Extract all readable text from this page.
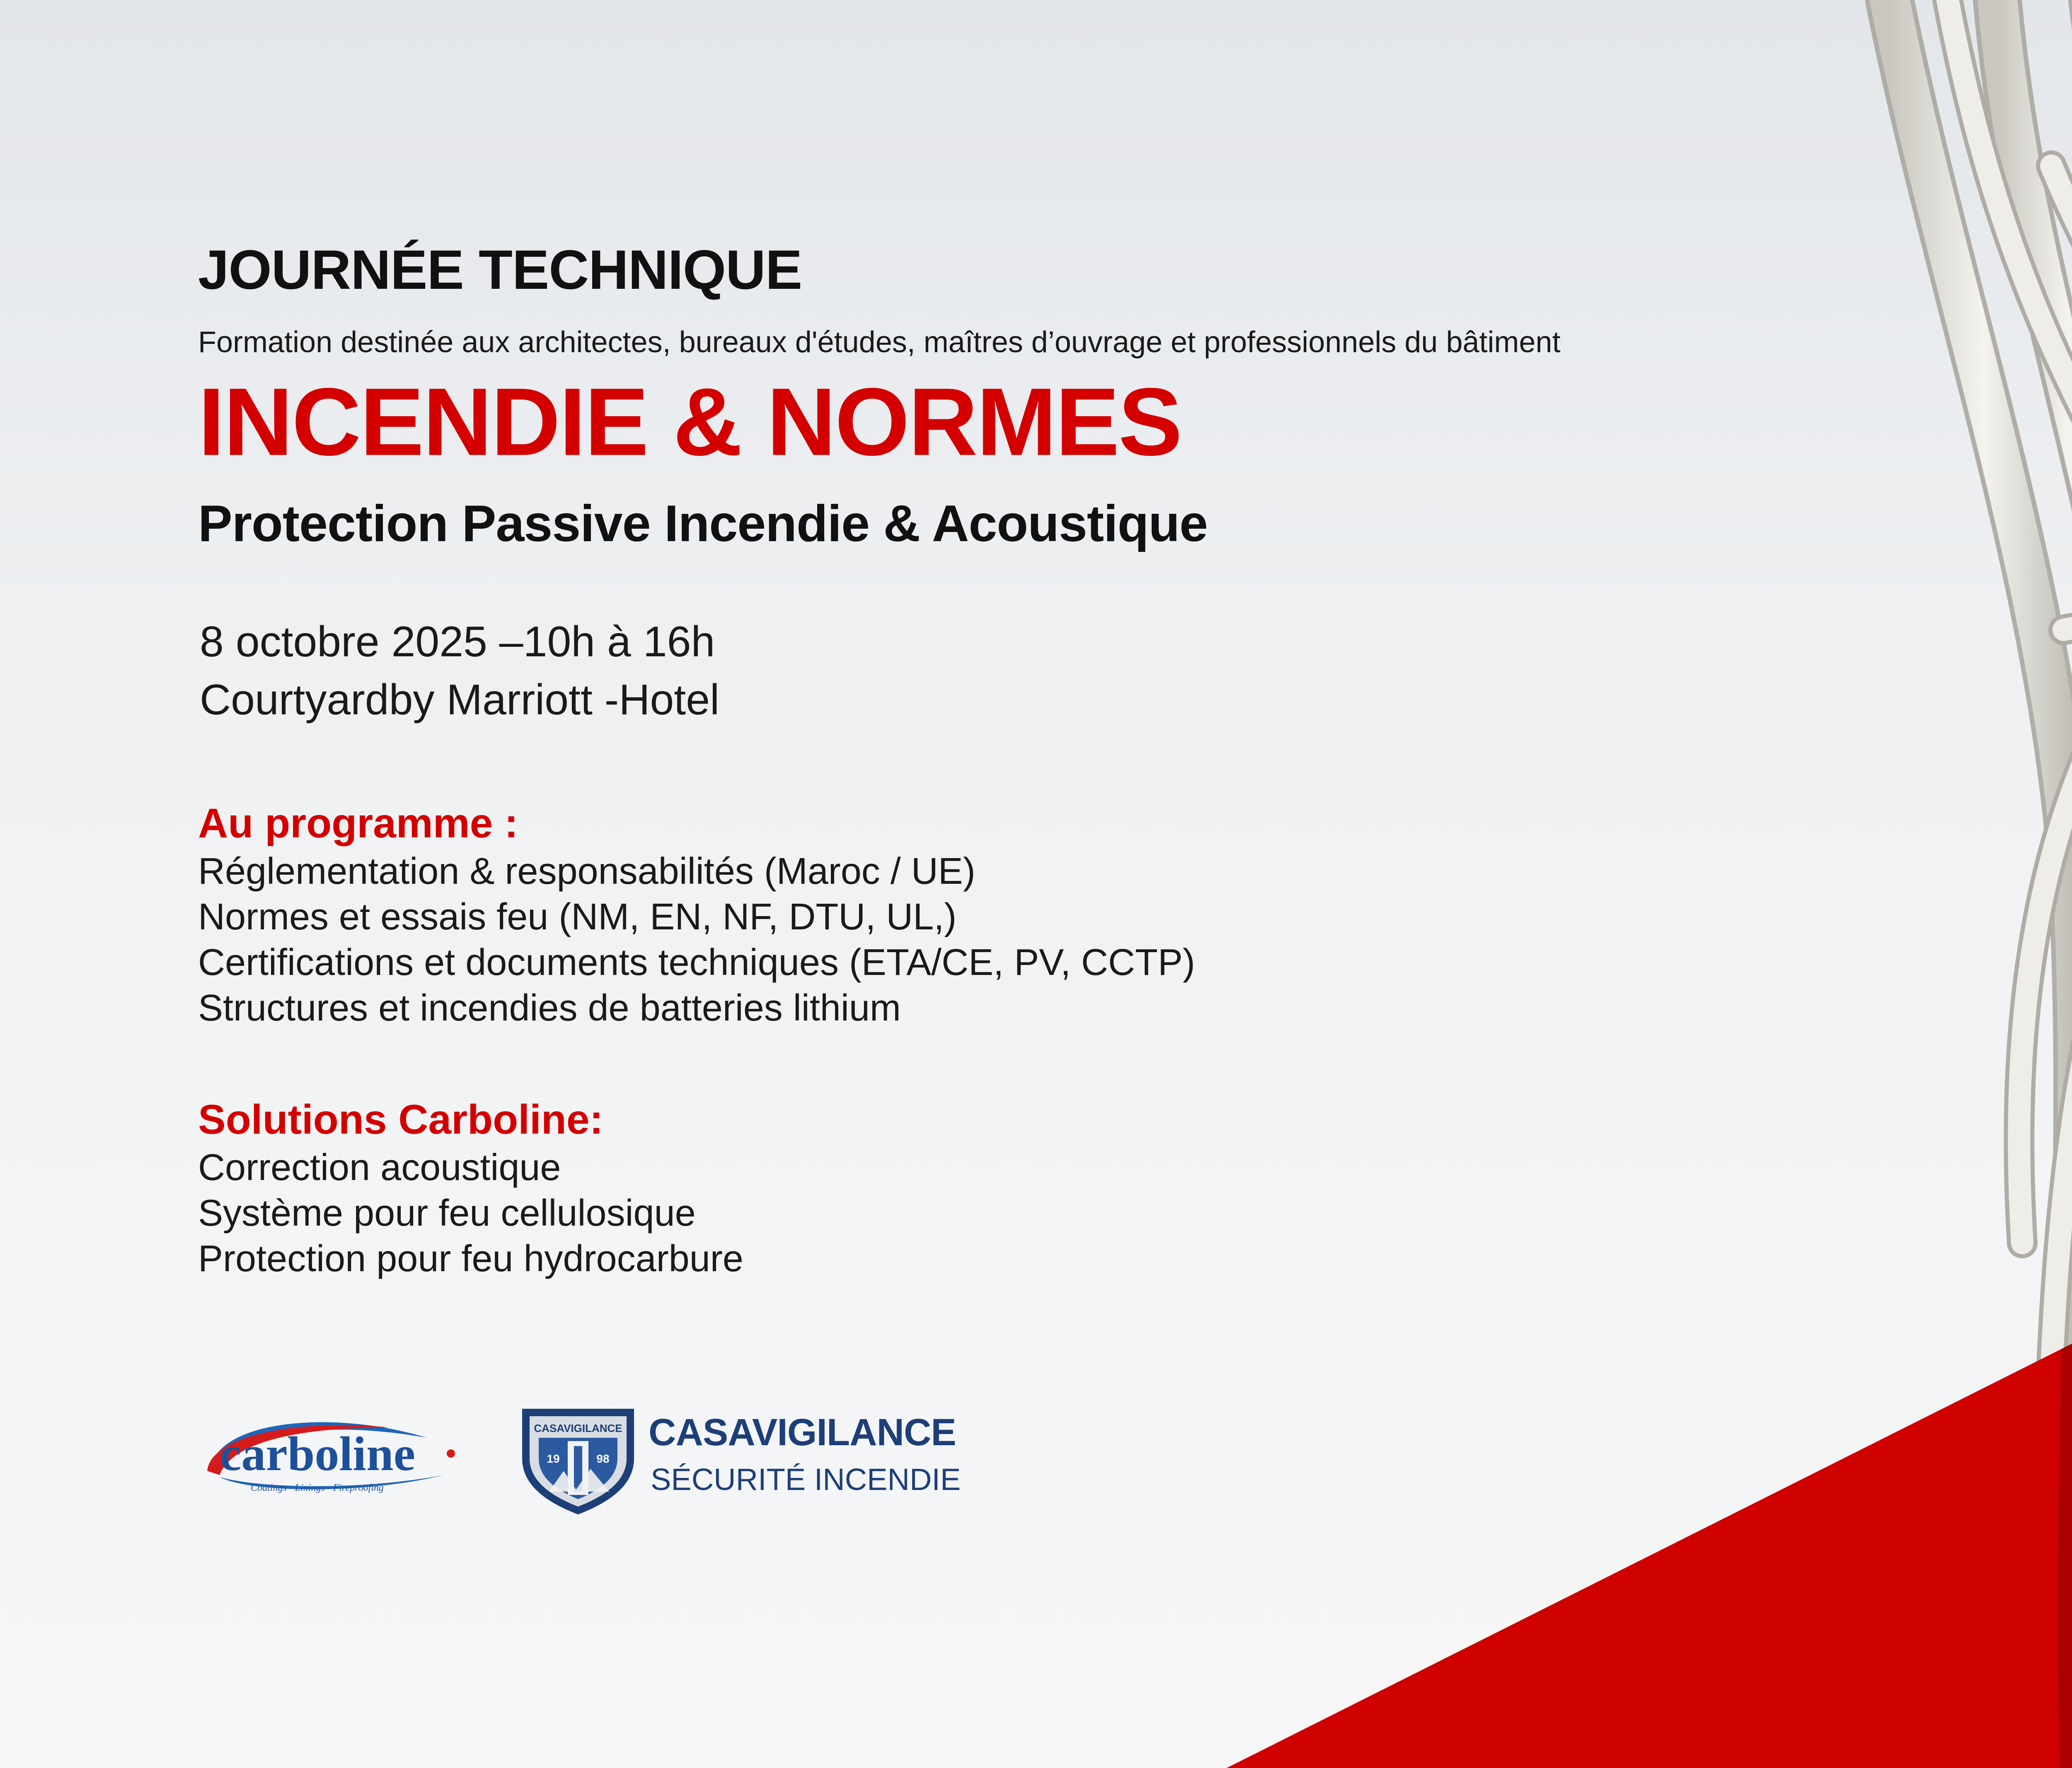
JOURNÉE TECHNIQUE

Formation destinée aux architectes, bureaux d'études, maîtres d’ouvrage et professionnels du bâtiment

INCENDIE & NORMES
Protection Passive Incendie & Acoustique

8 octobre 2025 –10h à 16h

Courtyardby Marriott -Hotel

Au programme :
Réglementation & responsabilités (Maroc / UE)
Normes et essais feu (NM, EN, NF, DTU, UL,)
Certifications et documents techniques (ETA/CE, PV, CCTP)
Structures et incendies de batteries lithium
Solutions Carboline:
Correction acoustique
Système pour feu cellulosique
Protection pour feu hydrocarbure
carboline
Coatings - Linings - Fireproofing
CASAVIGILANCE
19	98

CASAVIGILANCE

SÉCURITÉ INCENDIE
